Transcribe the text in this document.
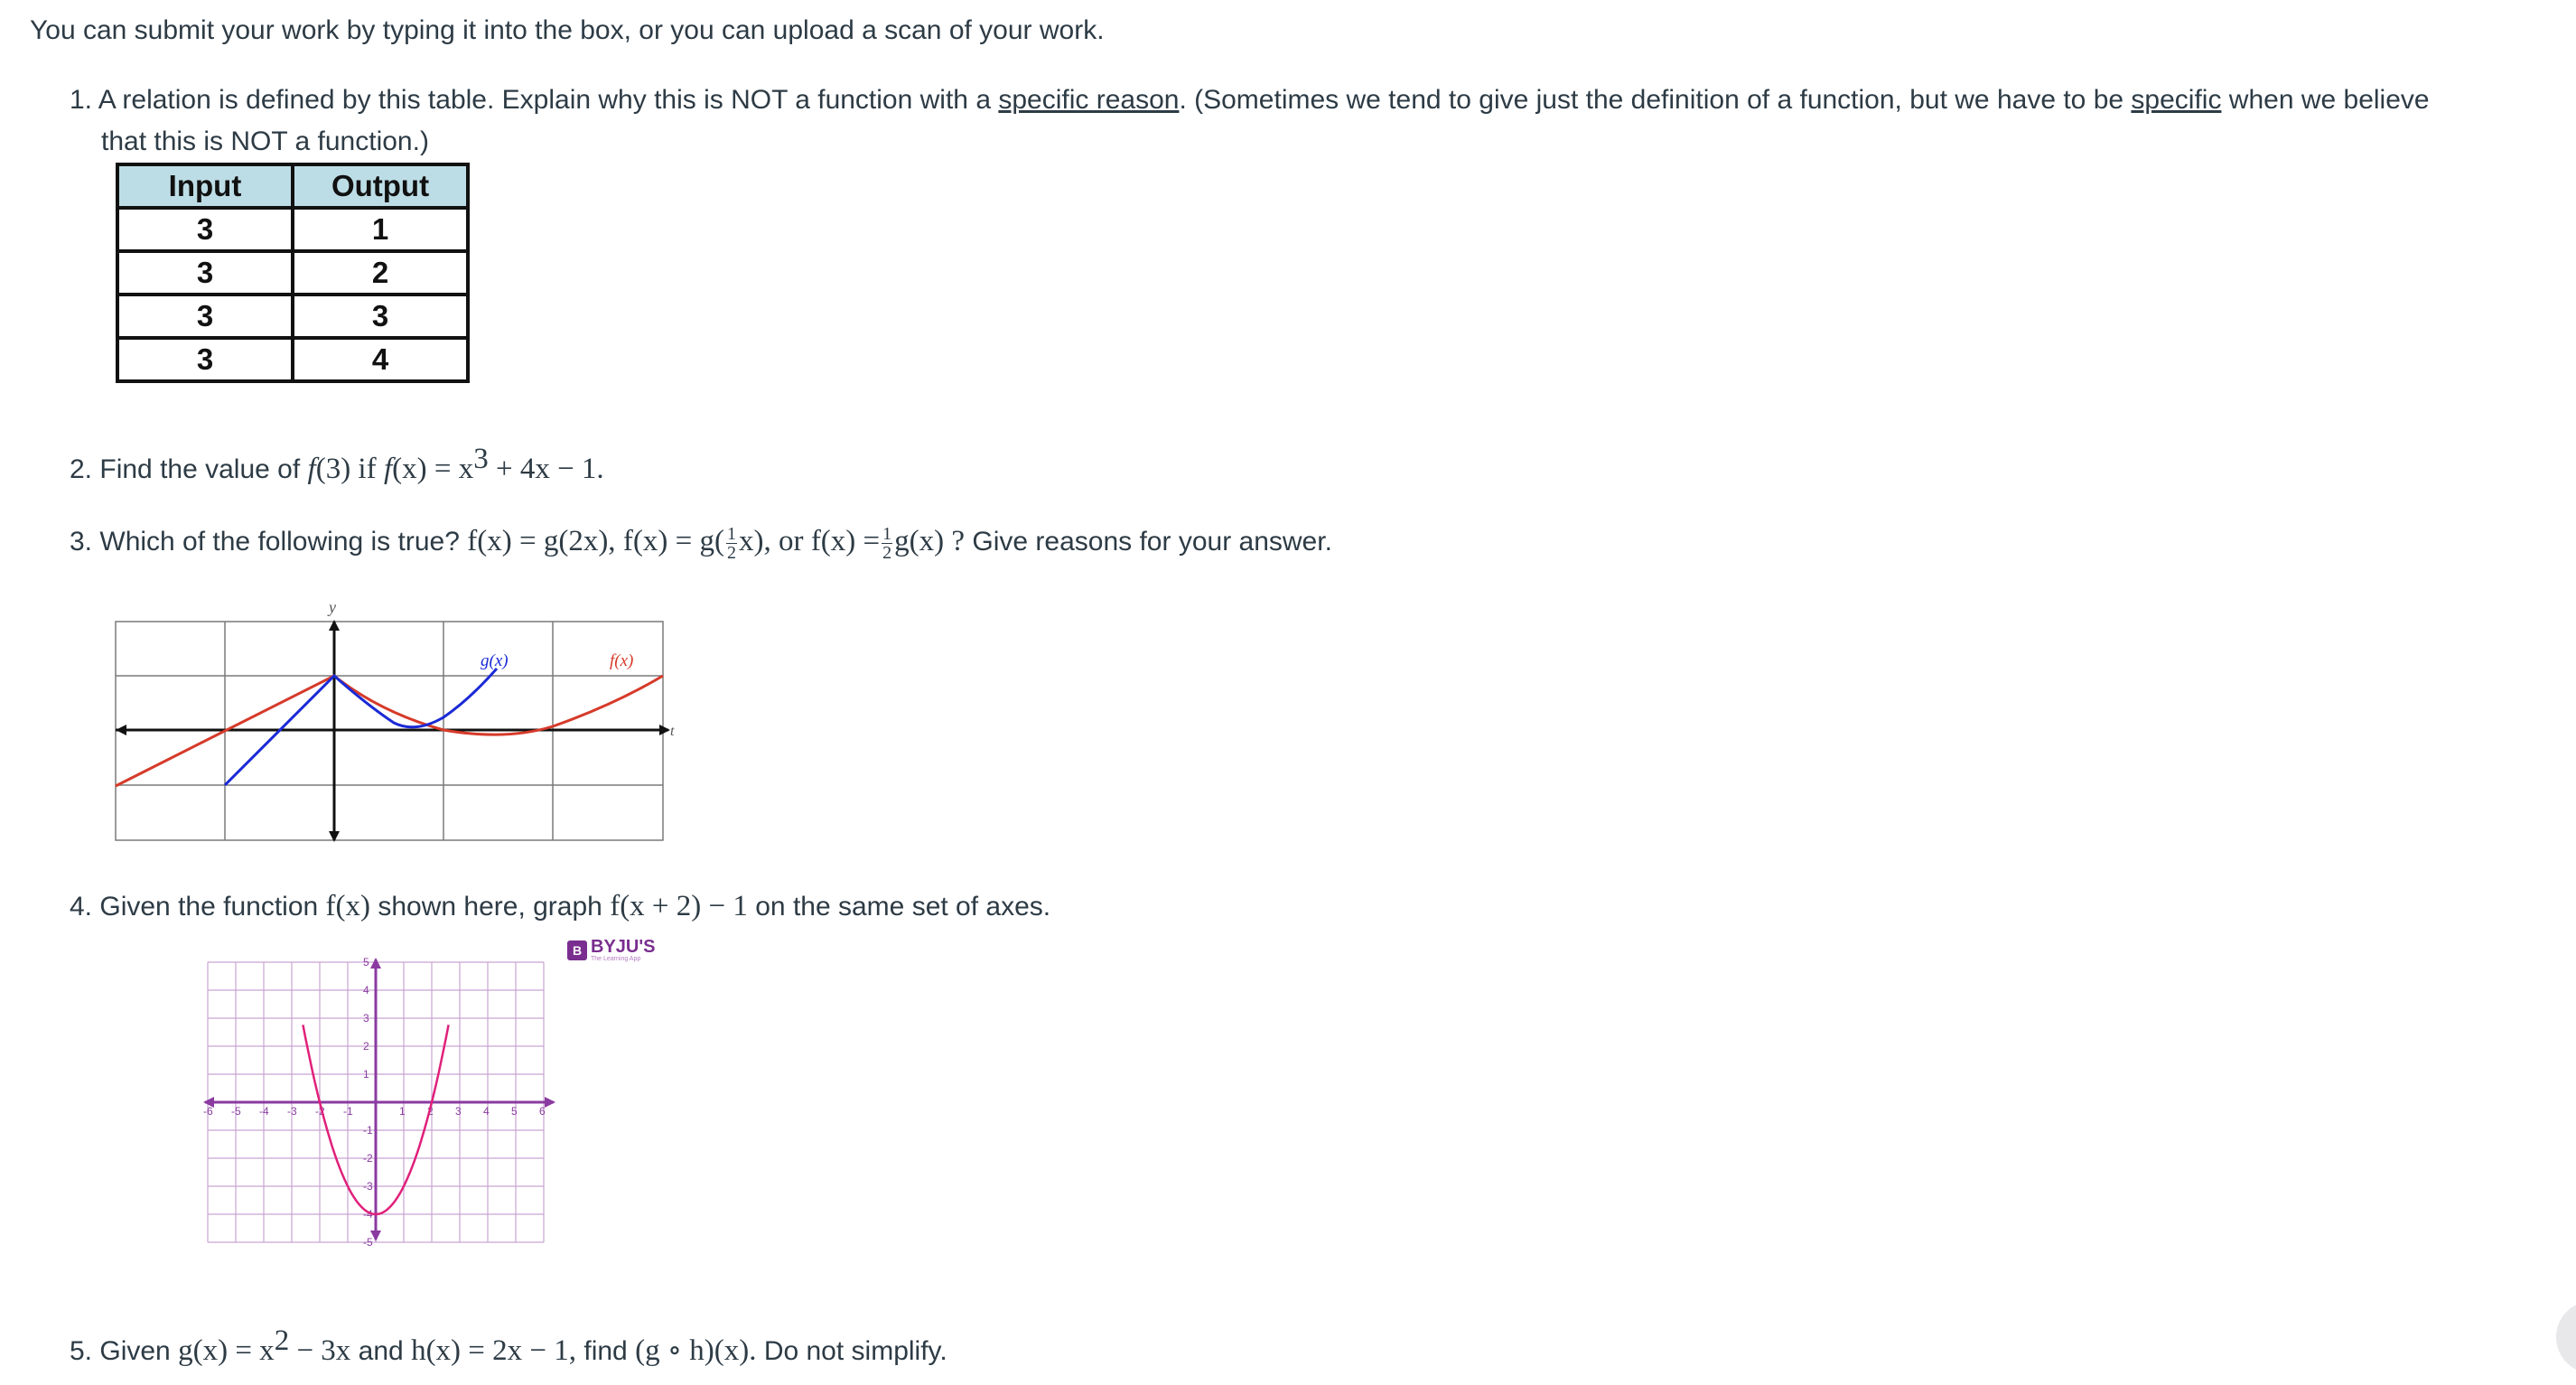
You can submit your work by typing it into the box, or you can upload a scan of your work.
1. A relation is defined by this table. Explain why this is NOT a function with a specific reason. (Sometimes we tend to give just the definition of a function, but we have to be specific when we believe
that this is NOT a function.)
Input	Output
3	1
3	2
3	3
3	4
2. Find the value of f(3) if $f(x) = x^3 + 4x - 1$.
3. Which of the following is true? f(x) = g(2x), $f(x) = g( \frac{1}{2} x)$, or $f(x) = \frac{1}{2} g(x)$ ? Give reasons for your answer.
y
t
g(x)	f(x)
4. Given the function f(x) shown here, graph f(x + 2) − 1 on the same set of axes.
B BYJU'S
The Learning App
-6 -5 -4 -3 -2 -1	1 2 3 4 5 6
5
4
3
2
1
-1
-2
-3
-4
-5
5. Given $g(x) = x^2 - 3x$ and h(x) = 2x − 1, find (g ∘ h)(x). Do not simplify.
